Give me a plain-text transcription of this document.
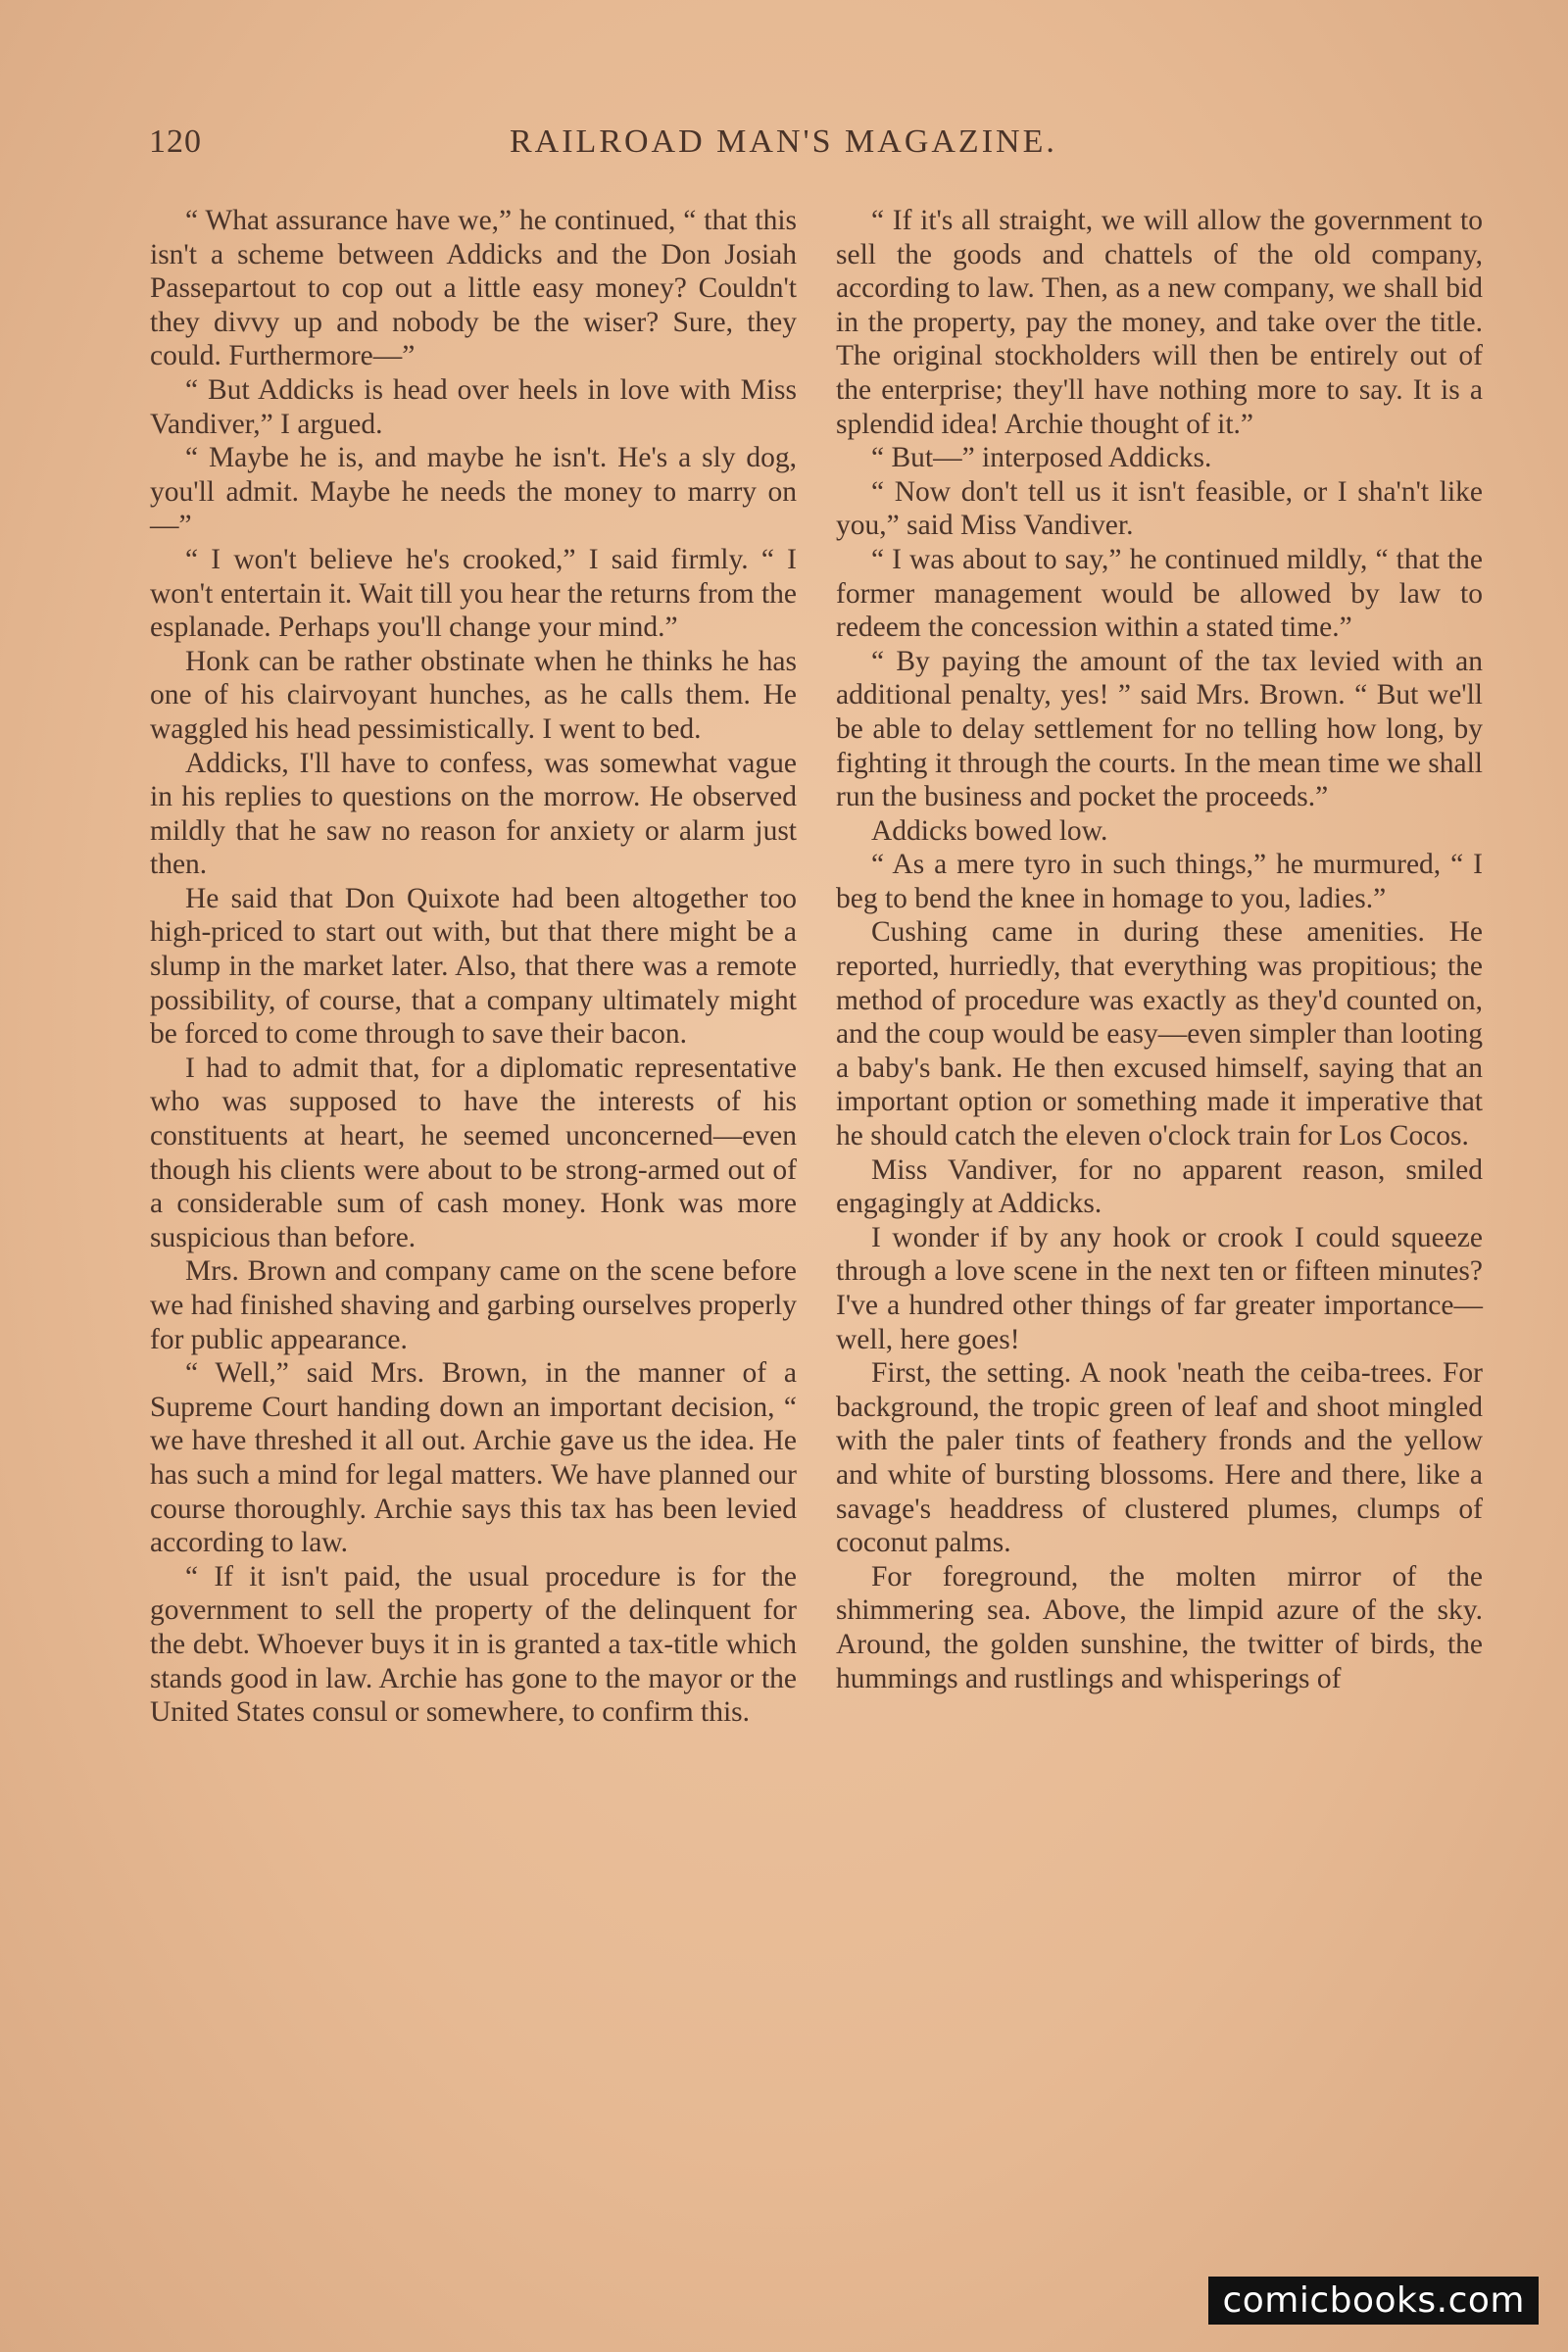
120	RAILROAD MAN'S MAGAZINE.

“ What assurance have we,” he continued, “ that this isn't a scheme between Addicks and the Don Josiah Passepartout to cop out a little easy money? Couldn't they divvy up and nobody be the wiser? Sure, they could. Furthermore—”

“ But Addicks is head over heels in love with Miss Vandiver,” I argued.

“ Maybe he is, and maybe he isn't. He's a sly dog, you'll admit. Maybe he needs the money to marry on—”

“ I won't believe he's crooked,” I said firmly. “ I won't entertain it. Wait till you hear the returns from the esplanade. Perhaps you'll change your mind.”

Honk can be rather obstinate when he thinks he has one of his clairvoyant hunches, as he calls them. He waggled his head pessimistically. I went to bed.

Addicks, I'll have to confess, was somewhat vague in his replies to questions on the morrow. He observed mildly that he saw no reason for anxiety or alarm just then.

He said that Don Quixote had been altogether too high-priced to start out with, but that there might be a slump in the market later. Also, that there was a remote possibility, of course, that a company ultimately might be forced to come through to save their bacon.

I had to admit that, for a diplomatic representative who was supposed to have the interests of his constituents at heart, he seemed unconcerned—even though his clients were about to be strong-armed out of a considerable sum of cash money. Honk was more suspicious than before.

Mrs. Brown and company came on the scene before we had finished shaving and garbing ourselves properly for public appearance.

“ Well,” said Mrs. Brown, in the manner of a Supreme Court handing down an important decision, “ we have threshed it all out. Archie gave us the idea. He has such a mind for legal matters. We have planned our course thoroughly. Archie says this tax has been levied according to law.

“ If it isn't paid, the usual procedure is for the government to sell the property of the delinquent for the debt. Whoever buys it in is granted a tax-title which stands good in law. Archie has gone to the mayor or the United States consul or somewhere, to confirm this.

“ If it's all straight, we will allow the government to sell the goods and chattels of the old company, according to law. Then, as a new company, we shall bid in the property, pay the money, and take over the title. The original stockholders will then be entirely out of the enterprise; they'll have nothing more to say. It is a splendid idea! Archie thought of it.”

“ But—” interposed Addicks.

“ Now don't tell us it isn't feasible, or I sha'n't like you,” said Miss Vandiver.

“ I was about to say,” he continued mildly, “ that the former management would be allowed by law to redeem the concession within a stated time.”

“ By paying the amount of the tax levied with an additional penalty, yes! ” said Mrs. Brown. “ But we'll be able to delay settlement for no telling how long, by fighting it through the courts. In the mean time we shall run the business and pocket the proceeds.”

Addicks bowed low.

“ As a mere tyro in such things,” he murmured, “ I beg to bend the knee in homage to you, ladies.”

Cushing came in during these amenities. He reported, hurriedly, that everything was propitious; the method of procedure was exactly as they'd counted on, and the coup would be easy—even simpler than looting a baby's bank. He then excused himself, saying that an important option or something made it imperative that he should catch the eleven o'clock train for Los Cocos.

Miss Vandiver, for no apparent reason, smiled engagingly at Addicks.

I wonder if by any hook or crook I could squeeze through a love scene in the next ten or fifteen minutes? I've a hundred other things of far greater importance—well, here goes!

First, the setting. A nook 'neath the ceiba-trees. For background, the tropic green of leaf and shoot mingled with the paler tints of feathery fronds and the yellow and white of bursting blossoms. Here and there, like a savage's headdress of clustered plumes, clumps of coconut palms.

For foreground, the molten mirror of the shimmering sea. Above, the limpid azure of the sky. Around, the golden sunshine, the twitter of birds, the hummings and rustlings and whisperings of

comicbooks.com
